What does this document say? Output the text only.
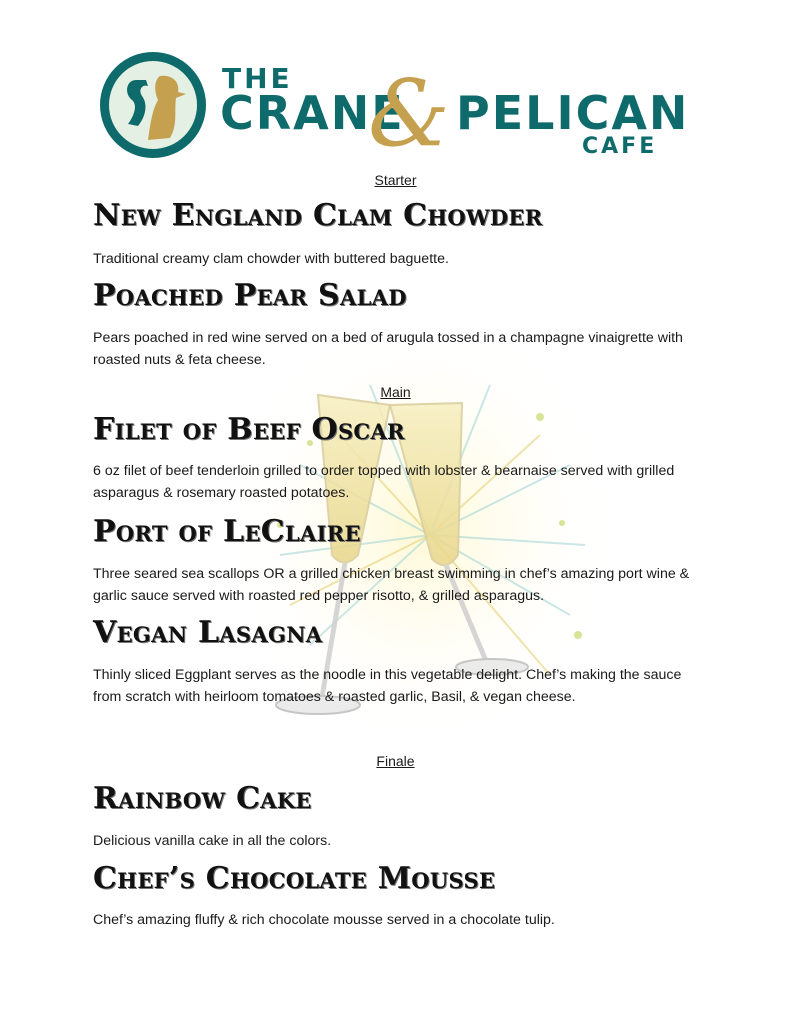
THE
CRANE
& PELICAN
CAFE
Starter
New England Clam Chowder
Traditional creamy clam chowder with buttered baguette.
Poached Pear Salad
Pears poached in red wine served on a bed of arugula tossed in a champagne vinaigrette with roasted nuts & feta cheese.
Main
Filet of Beef Oscar
6 oz filet of beef tenderloin grilled to order topped with lobster & bearnaise served with grilled asparagus & rosemary roasted potatoes.
Port of LeClaire
Three seared sea scallops OR a grilled chicken breast swimming in chef’s amazing port wine & garlic sauce served with roasted red pepper risotto, & grilled asparagus.
Vegan Lasagna
Thinly sliced Eggplant serves as the noodle in this vegetable delight. Chef’s making the sauce from scratch with heirloom tomatoes & roasted garlic, Basil, & vegan cheese.
Finale
Rainbow Cake
Delicious vanilla cake in all the colors.
Chef’s Chocolate Mousse
Chef’s amazing fluffy & rich chocolate mousse served in a chocolate tulip.
